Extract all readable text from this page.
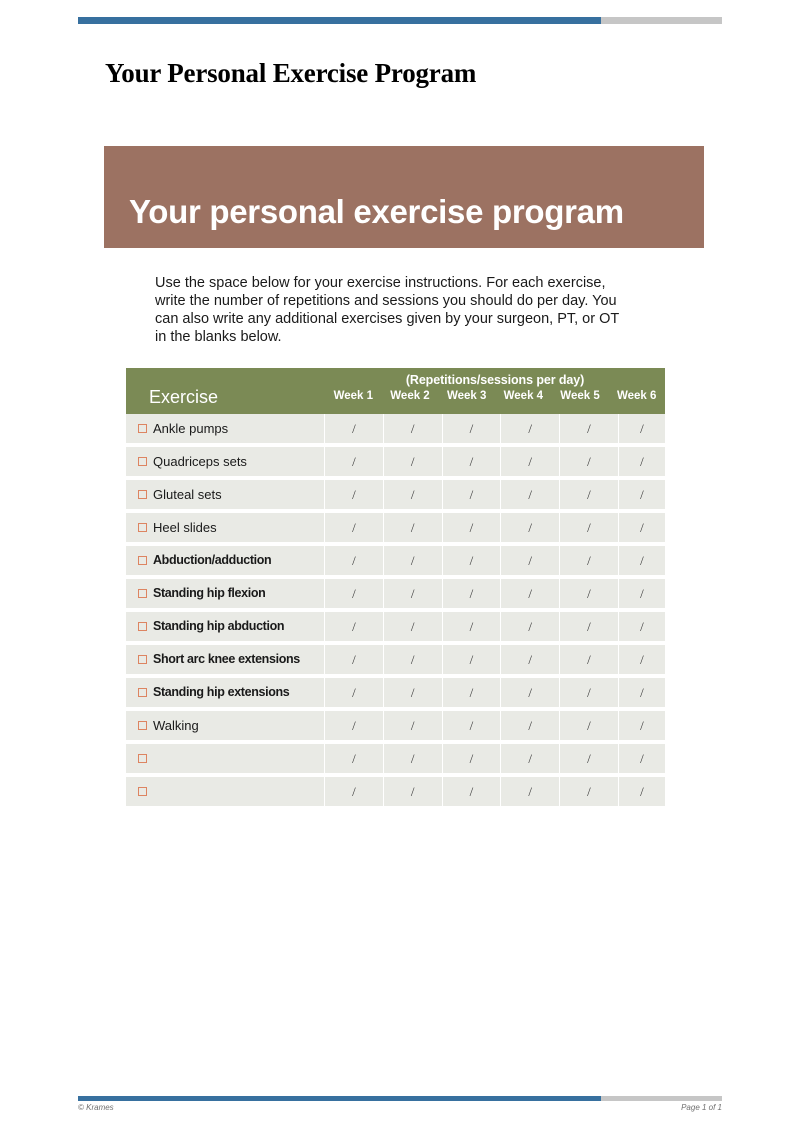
Your Personal Exercise Program
Your personal exercise program
Use the space below for your exercise instructions. For each exercise, write the number of repetitions and sessions you should do per day. You can also write any additional exercises given by your surgeon, PT, or OT in the blanks below.
Exercise	
(Repetitions/sessions per day)
Week 1	Week 2	Week 3	Week 4	Week 5	Week 6

Ankle pumps	/	/	/	/	/	/
Quadriceps sets	/	/	/	/	/	/
Gluteal sets	/	/	/	/	/	/
Heel slides	/	/	/	/	/	/
Abduction/adduction	/	/	/	/	/	/
Standing hip flexion	/	/	/	/	/	/
Standing hip abduction	/	/	/	/	/	/
Short arc knee extensions	/	/	/	/	/	/
Standing hip extensions	/	/	/	/	/	/
Walking	/	/	/	/	/	/
	/	/	/	/	/	/
	/	/	/	/	/	/
© Krames	Page 1 of 1
